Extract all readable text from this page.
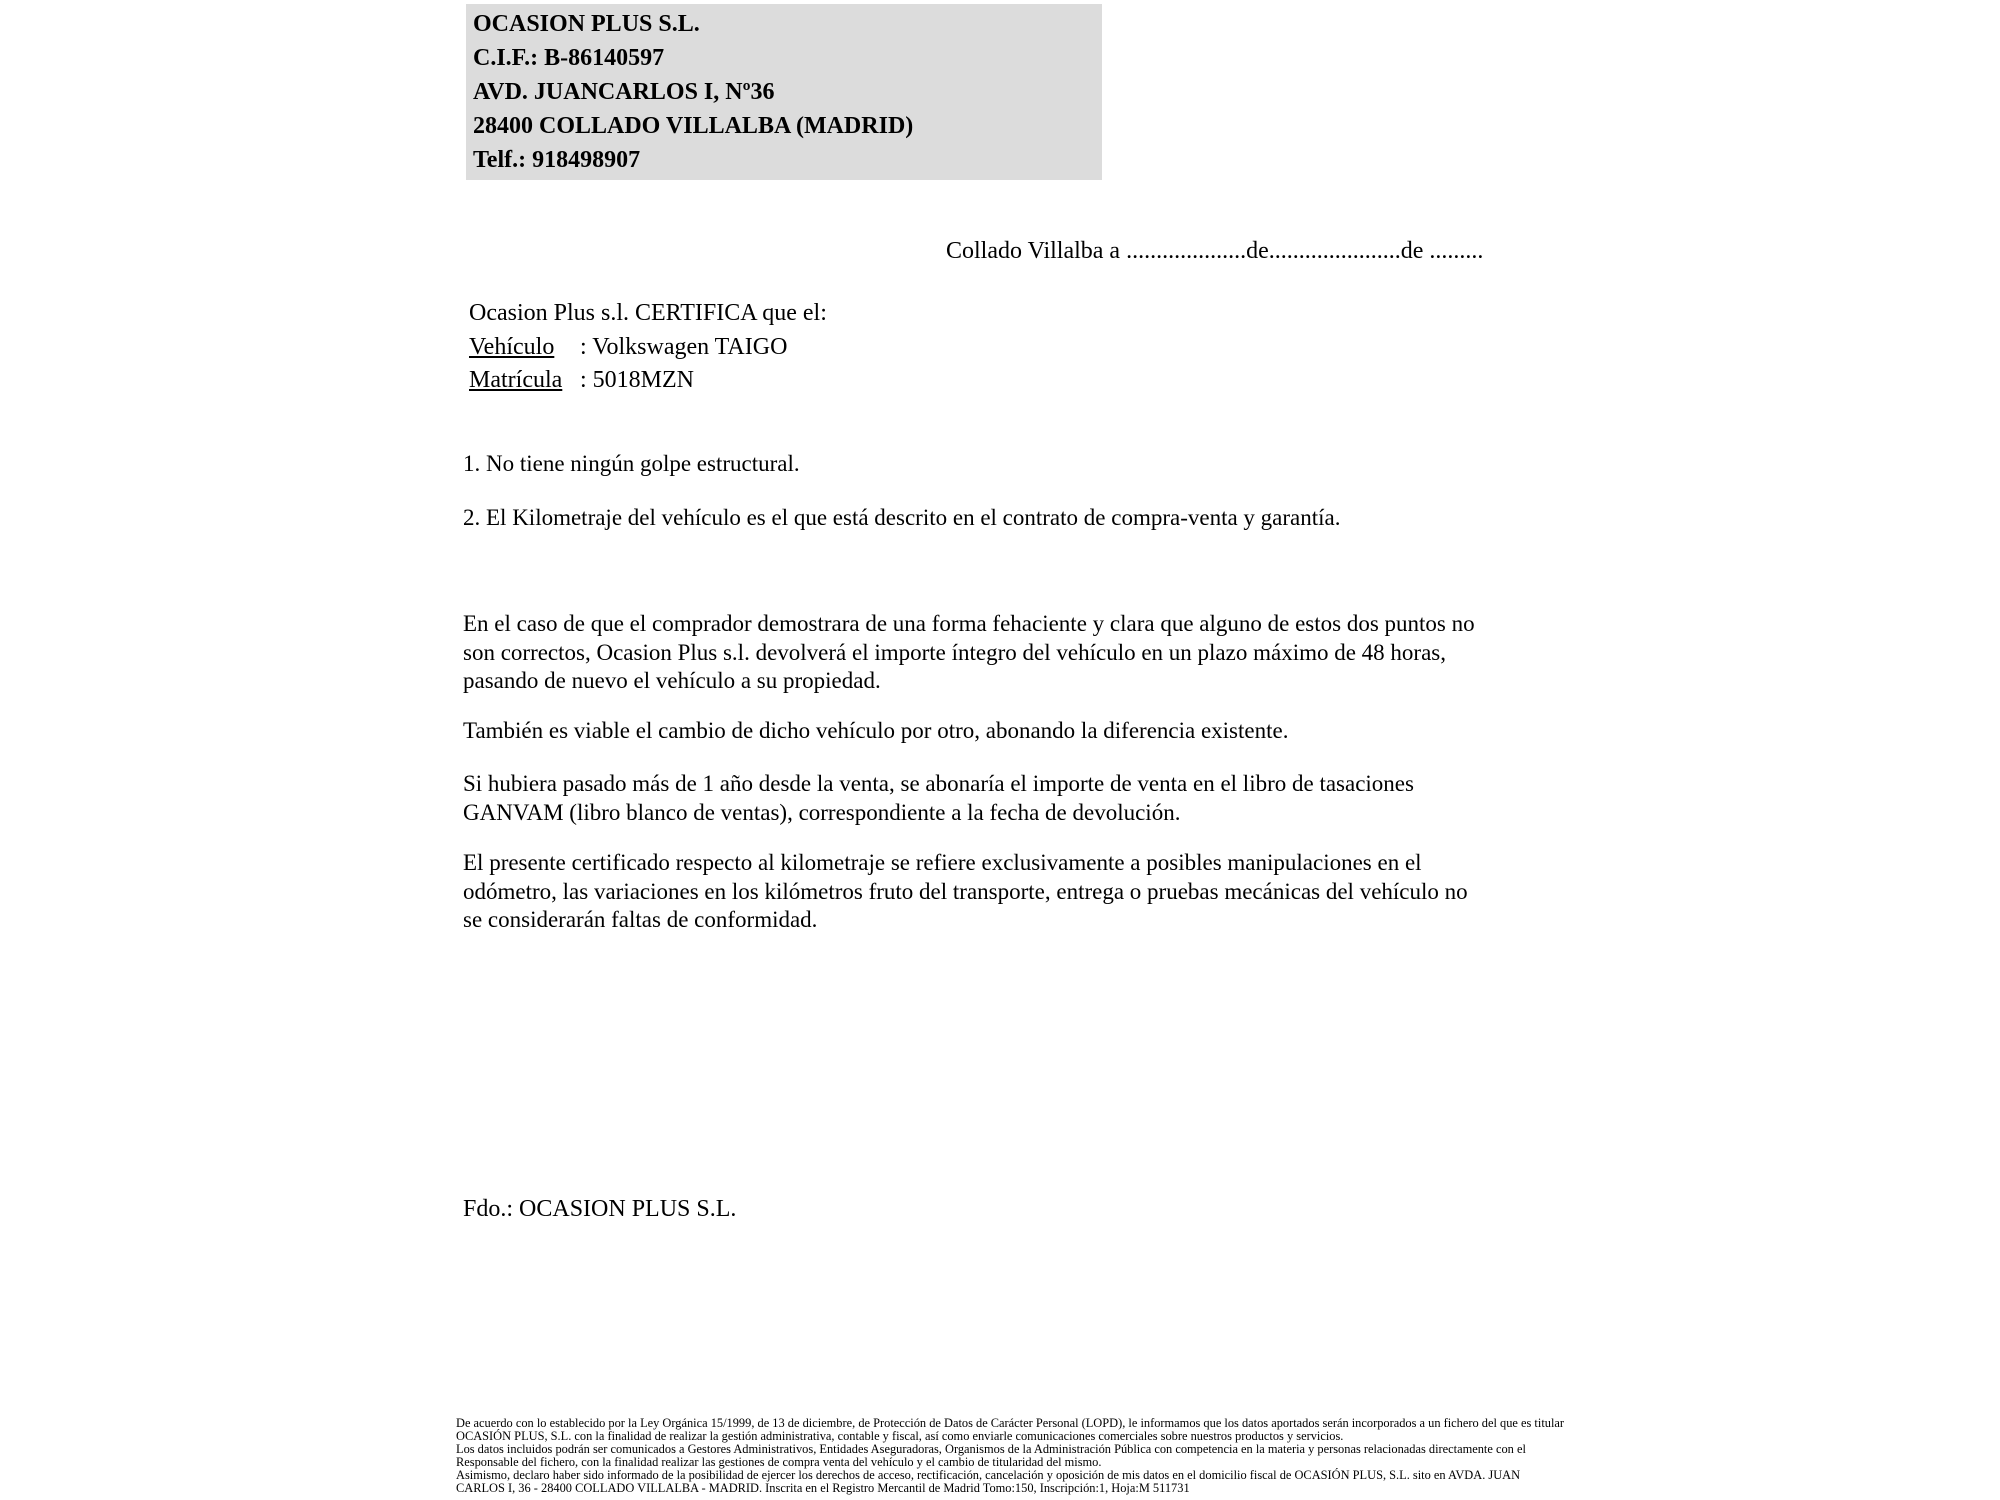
OCASION PLUS S.L.
C.I.F.: B-86140597
AVD. JUANCARLOS I, Nº36
28400 COLLADO VILLALBA (MADRID)
Telf.: 918498907
Collado Villalba a ....................de......................de .........
Ocasion Plus s.l. CERTIFICA que el:
Vehículo	: Volkswagen TAIGO
Matrícula : 5018MZN
1. No tiene ningún golpe estructural.
2. El Kilometraje del vehículo es el que está descrito en el contrato de compra-venta y garantía.
En el caso de que el comprador demostrara de una forma fehaciente y clara que alguno de estos dos puntos no
son correctos, Ocasion Plus s.l. devolverá el importe íntegro del vehículo en un plazo máximo de 48 horas,
pasando de nuevo el vehículo a su propiedad.
También es viable el cambio de dicho vehículo por otro, abonando la diferencia existente.
Si hubiera pasado más de 1 año desde la venta, se abonaría el importe de venta en el libro de tasaciones
GANVAM (libro blanco de ventas), correspondiente a la fecha de devolución.
El presente certificado respecto al kilometraje se refiere exclusivamente a posibles manipulaciones en el
odómetro, las variaciones en los kilómetros fruto del transporte, entrega o pruebas mecánicas del vehículo no
se considerarán faltas de conformidad.
Fdo.: OCASION PLUS S.L.
De acuerdo con lo establecido por la Ley Orgánica 15/1999, de 13 de diciembre, de Protección de Datos de Carácter Personal (LOPD), le informamos que los datos aportados serán incorporados a un fichero del que es titular
OCASIÓN PLUS, S.L. con la finalidad de realizar la gestión administrativa, contable y fiscal, así como enviarle comunicaciones comerciales sobre nuestros productos y servicios.
Los datos incluidos podrán ser comunicados a Gestores Administrativos, Entidades Aseguradoras, Organismos de la Administración Pública con competencia en la materia y personas relacionadas directamente con el
Responsable del fichero, con la finalidad realizar las gestiones de compra venta del vehículo y el cambio de titularidad del mismo.
Asimismo, declaro haber sido informado de la posibilidad de ejercer los derechos de acceso, rectificación, cancelación y oposición de mis datos en el domicilio fiscal de OCASIÓN PLUS, S.L. sito en AVDA. JUAN
CARLOS I, 36 - 28400 COLLADO VILLALBA - MADRID. Inscrita en el Registro Mercantil de Madrid Tomo:150, Inscripción:1, Hoja:M 511731
